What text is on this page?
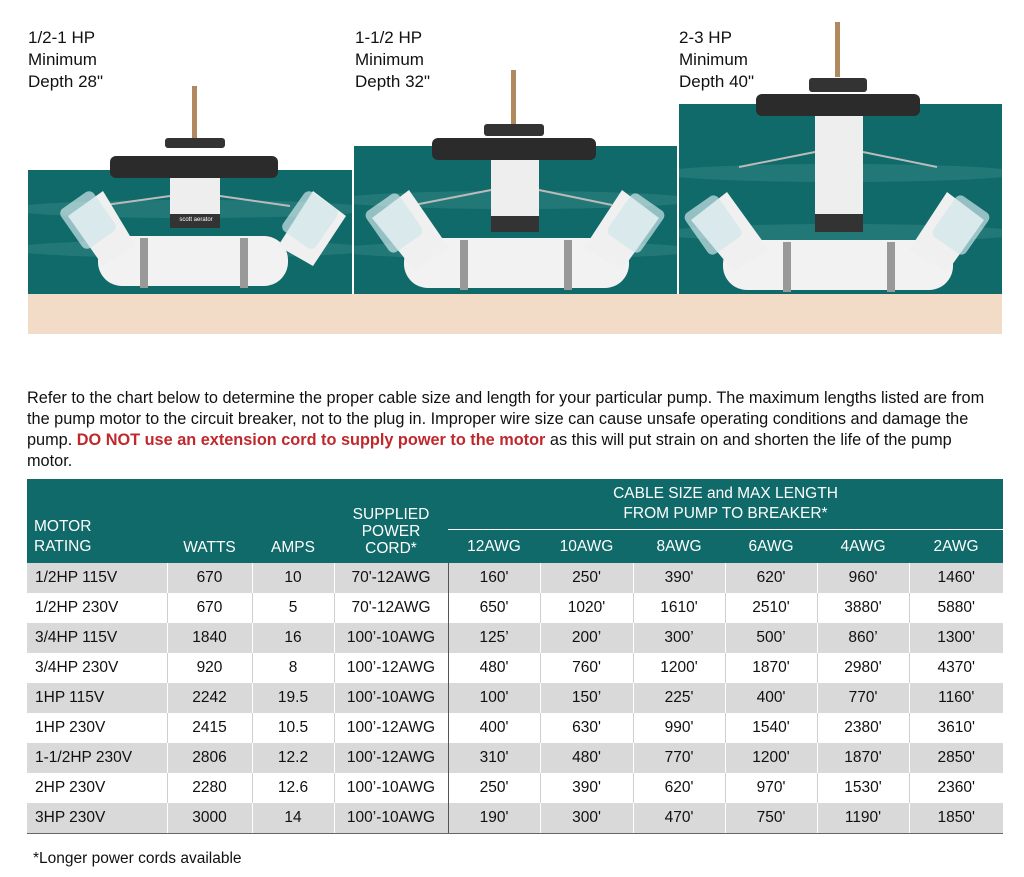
1/2-1 HP
Minimum
Depth 28"
1-1/2 HP
Minimum
Depth 32"
2-3 HP
Minimum
Depth 40"
scott aerator

Refer to the chart below to determine the proper cable size and length for your particular pump. The maximum lengths listed are from the pump motor to the circuit breaker, not to the plug in. Improper wire size can cause unsafe operating conditions and damage the pump. DO NOT use an extension cord to supply power to the motor as this will put strain on and shorten the life of the pump motor.

MOTOR
RATING	WATTS	AMPS	SUPPLIED
POWER
CORD*	CABLE SIZE and MAX LENGTH
FROM PUMP TO BREAKER*					
				12AWG	10AWG	8AWG	6AWG	4AWG	2AWG
1/2HP 115V	670	10	70'-12AWG	160'	250'	390'	620'	960'	1460'
1/2HP 230V	670	5	70'-12AWG	650'	1020'	1610'	2510'	3880'	5880'
3/4HP 115V	1840	16	100’-10AWG	125’	200’	300’	500’	860’	1300’
3/4HP 230V	920	8	100’-12AWG	480'	760'	1200'	1870'	2980'	4370'
1HP 115V	2242	19.5	100’-10AWG	100'	150’	225'	400'	770'	1160'
1HP 230V	2415	10.5	100’-12AWG	400'	630'	990'	1540'	2380'	3610'
1-1/2HP 230V	2806	12.2	100’-12AWG	310'	480'	770'	1200'	1870'	2850'
2HP 230V	2280	12.6	100’-10AWG	250'	390'	620'	970'	1530'	2360'
3HP 230V	3000	14	100’-10AWG	190'	300'	470'	750'	1190'	1850'
*Longer power cords available
